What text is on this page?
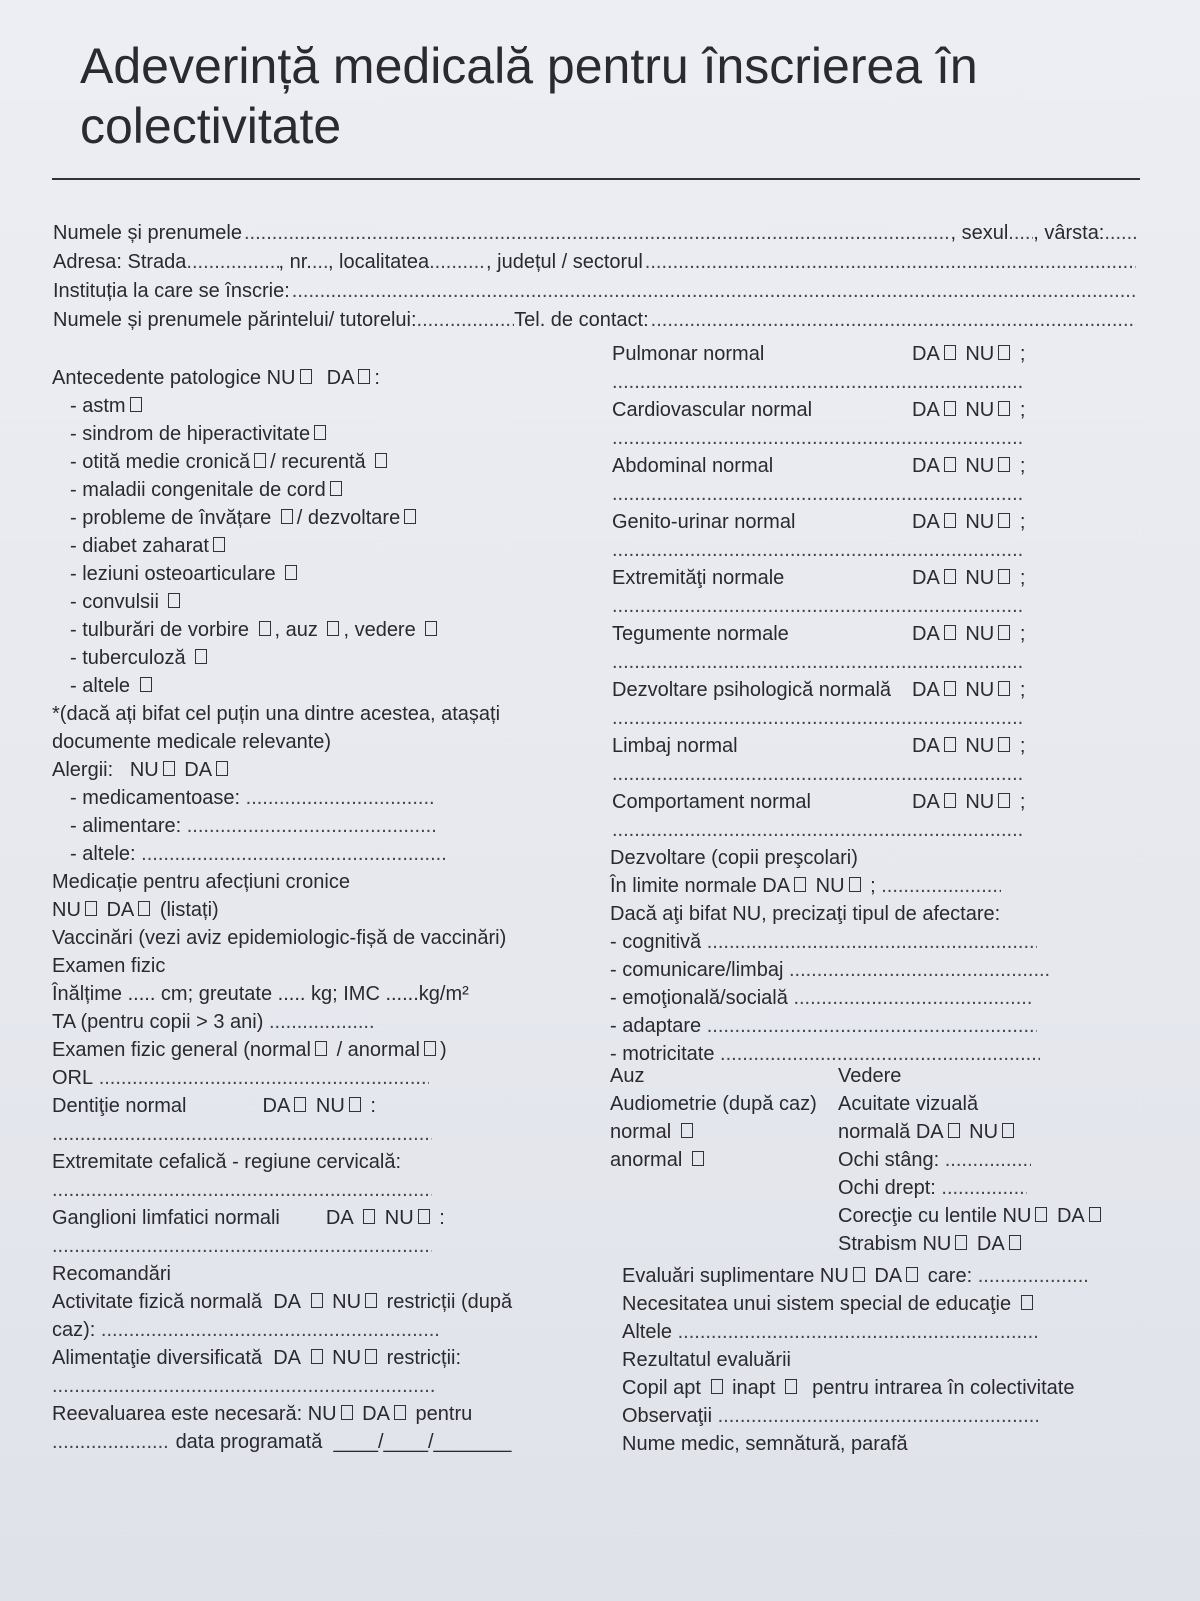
Adeverință medicală pentru înscrierea în colectivitate
Numele și prenumele .....	, sexul ..... , vârsta:
.....
Adresa: Strada .....	, nr. ..... , localitatea .....	, județul / sectorul
.....
Instituția la care se înscrie:
.....
Numele și prenumele părintelui/ tutorelui: .....	Tel. de contact:
.....
Antecedente patologice NU
DA :
- astm
- sindrom de hiperactivitate
- otită medie cronică / recurentă

- maladii congenitale de cord
- probleme de învățare
/ dezvoltare
- diabet zaharat
- leziuni osteoarticulare

- convulsii

- tulburări de vorbire
, auz
, vedere

- tuberculoză

- altele

*(dacă ați bifat cel puțin una dintre acestea, atașați
documente medicale relevante)
Alergii:
NU
DA
- medicamentoase:

.....
- alimentare:

.....
- altele:

.....
Medicație pentru afecțiuni cronice
NU
DA
(listați)
Vaccinări (vezi aviz epidemiologic-fișă de vaccinări)
Examen fizic
Înălțime ..... cm; greutate ..... kg; IMC ......kg/m²
TA (pentru copii > 3 ani)

.....
Examen fizic general (normal
/ anormal )
ORL

.....
Dentiţie normal	DA
NU
:
.....
Extremitate cefalică - regiune cervicală:
.....
Ganglioni limfatici normali DA

NU
:
.....
Recomandări
Activitate fizică normală
DA

NU
restricții (după
caz):

.....
Alimentaţie diversificată
DA

NU
restricții:
.....
Reevaluarea este necesară:
NU
DA
pentru
.....

data programată
____/____/_______
Pulmonar normal	DA
NU
;
.....
Cardiovascular normal	DA
NU
;
.....
Abdominal normal	DA
NU
;
.....
Genito-urinar normal	DA
NU
;
.....
Extremităţi normale	DA
NU
;
.....
Tegumente normale	DA
NU
;
.....
Dezvoltare psihologică normală	DA
NU
;
.....
Limbaj normal	DA
NU
;
.....
Comportament normal	DA
NU
;
.....
Dezvoltare (copii preşcolari)
În limite normale DA
NU
;

.....
Dacă aţi bifat NU, precizaţi tipul de afectare:
- cognitivă

.....
- comunicare/limbaj

.....
- emoţională/socială

.....
- adaptare

.....
- motricitate

.....
Auz
Audiometrie (după caz)
normal

anormal

Vedere
Acuitate vizuală
normală DA
NU
Ochi stâng:

.....
Ochi drept:

.....
Corecţie cu lentile NU
DA
Strabism NU
DA
Evaluări suplimentare NU
DA
care:

.....
Necesitatea unui sistem special de educaţie

Altele

.....
Rezultatul evaluării
Copil apt

inapt

pentru intrarea în colectivitate
Observaţii

.....
Nume medic, semnătură, parafă
